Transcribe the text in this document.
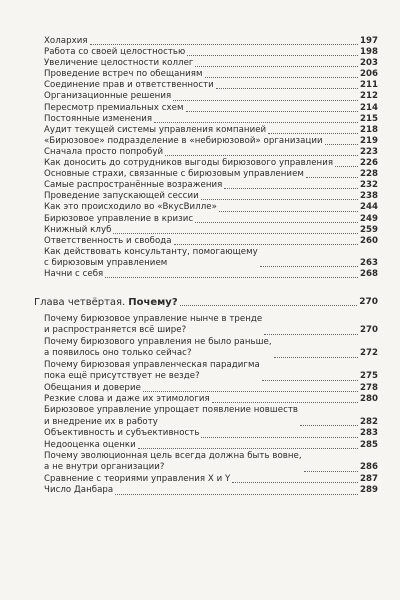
Холархия	197
Работа со своей целостностью	198
Увеличение целостности коллег	203
Проведение встреч по обещаниям	206
Соединение прав и ответственности	211
Организационные решения	212
Пересмотр премиальных схем	214
Постоянные изменения	215
Аудит текущей системы управления компанией	218
«Бирюзовое» подразделение в «небирюзовой» организации	219
Сначала просто попробуй	223
Как доносить до сотрудников выгоды бирюзового управления	226
Основные страхи, связанные с бирюзовым управлением	228
Самые распространённые возражения	232
Проведение запускающей сессии	238
Как это происходило во «ВкусВилле»	244
Бирюзовое управление в кризис	249
Книжный клуб	259
Ответственность и свобода	260
Как действовать консультанту, помогающему
с бирюзовым управлением	263
Начни с себя	268
Глава четвёртая. Почему?	270
Почему бирюзовое управление нынче в тренде
и распространяется всё шире?	270
Почему бирюзового управления не было раньше,
а появилось оно только сейчас?	272
Почему бирюзовая управленческая парадигма
пока ещё присутствует не везде?	275
Обещания и доверие	278
Резкие слова и даже их этимология	280
Бирюзовое управление упрощает появление новшеств
и внедрение их в работу	282
Объективность и субъективность	283
Недооценка оценки	285
Почему эволюционная цель всегда должна быть вовне,
а не внутри организации?	286
Сравнение с теориями управления X и Y	287
Число Данбара	289
